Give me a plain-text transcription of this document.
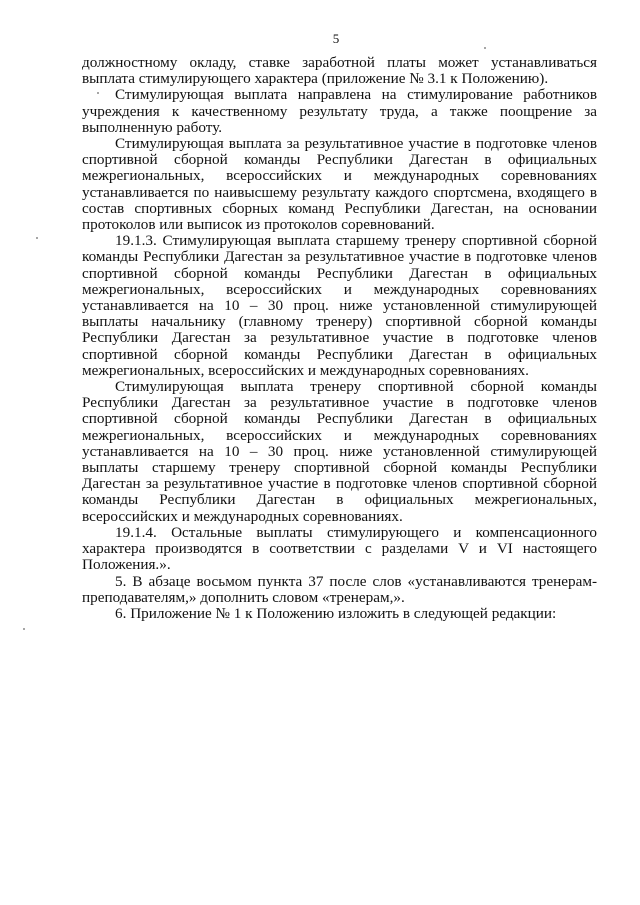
5

должностному окладу, ставке заработной платы может устанавливаться выплата стимулирующего характера (приложение № 3.1 к Положению).

Стимулирующая выплата направлена на стимулирование работников учреждения к качественному результату труда, а также поощрение за выполненную работу.

Стимулирующая выплата за результативное участие в подготовке членов спортивной сборной команды Республики Дагестан в официальных межрегиональных, всероссийских и международных соревнованиях устанавливается по наивысшему результату каждого спортсмена, входящего в состав спортивных сборных команд Республики Дагестан, на основании протоколов или выписок из протоколов соревнований.

19.1.3. Стимулирующая выплата старшему тренеру спортивной сборной команды Республики Дагестан за результативное участие в подготовке членов спортивной сборной команды Республики Дагестан в официальных межрегиональных, всероссийских и международных соревнованиях устанавливается на 10 – 30 проц. ниже установленной стимулирующей выплаты начальнику (главному тренеру) спортивной сборной команды Республики Дагестан за результативное участие в подготовке членов спортивной сборной команды Республики Дагестан в официальных межрегиональных, всероссийских и международных соревнованиях.

Стимулирующая выплата тренеру спортивной сборной команды Республики Дагестан за результативное участие в подготовке членов спортивной сборной команды Республики Дагестан в официальных межрегиональных, всероссийских и международных соревнованиях устанавливается на 10 – 30 проц. ниже установленной стимулирующей выплаты старшему тренеру спортивной сборной команды Республики Дагестан за результативное участие в подготовке членов спортивной сборной команды Республики Дагестан в официальных межрегиональных, всероссийских и международных соревнованиях.

19.1.4. Остальные выплаты стимулирующего и компенсационного характера производятся в соответствии с разделами V и VI настоящего Положения.».

5. В абзаце восьмом пункта 37 после слов «устанавливаются тренерам-преподавателям,» дополнить словом «тренерам,».

6. Приложение № 1 к Положению изложить в следующей редакции:
